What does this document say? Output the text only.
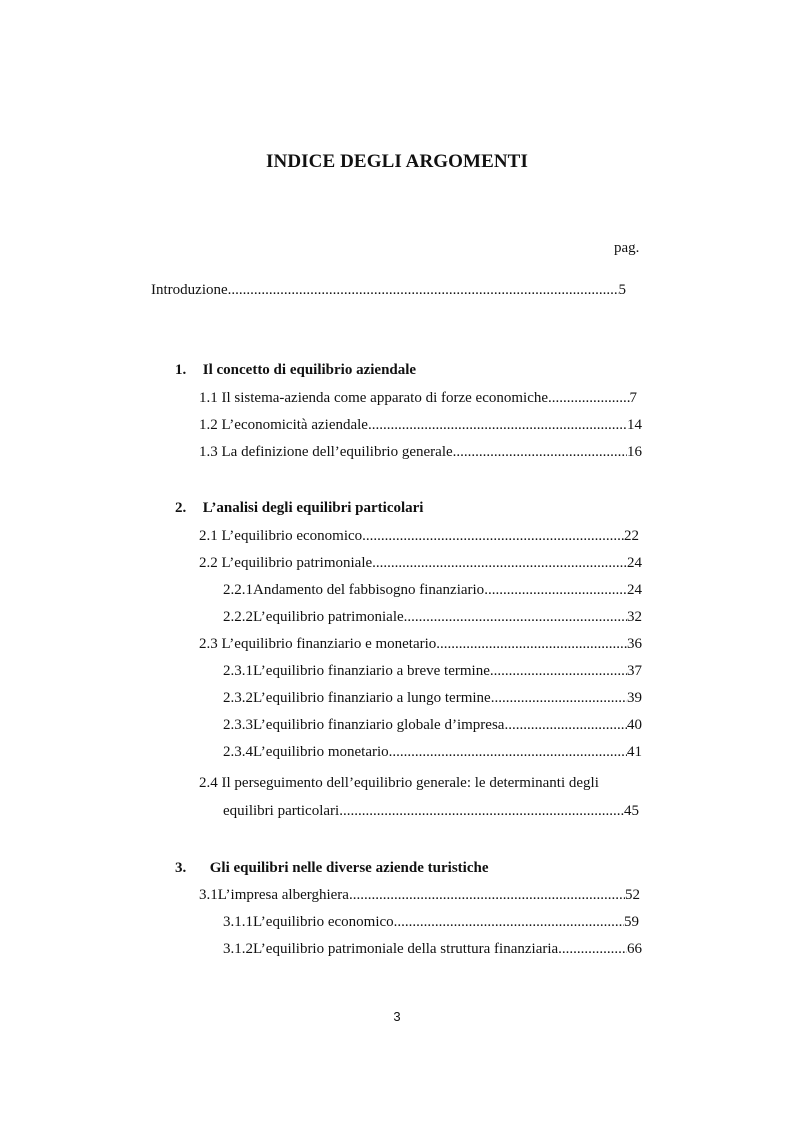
INDICE DEGLI ARGOMENTI
pag.
Introduzione .....	5
1. Il concetto di equilibrio aziendale
1.1 Il sistema-azienda come apparato di forze economiche .....	7
1.2 L’economicità aziendale .....	14
1.3 La definizione dell’equilibrio generale .....	16
2. L’analisi degli equilibri particolari
2.1 L’equilibrio economico .....	22
2.2 L’equilibrio patrimoniale .....	24
2.2.1 Andamento del fabbisogno finanziario .....	24
2.2.2 L’equilibrio patrimoniale .....	32
2.3 L’equilibrio finanziario e monetario .....	36
2.3.1 L’equilibrio finanziario a breve termine .....	37
2.3.2 L’equilibrio finanziario a lungo termine .....	39
2.3.3 L’equilibrio finanziario globale d’impresa .....	40
2.3.4 L’equilibrio monetario .....	41
2.4 Il perseguimento dell’equilibrio generale: le determinanti degli
equilibri particolari .....	45
3. Gli equilibri nelle diverse aziende turistiche
3.1 L’impresa alberghiera .....	52
3.1.1 L’equilibrio economico .....	59
3.1.2 L’equilibrio patrimoniale della struttura finanziaria .....	66
3
